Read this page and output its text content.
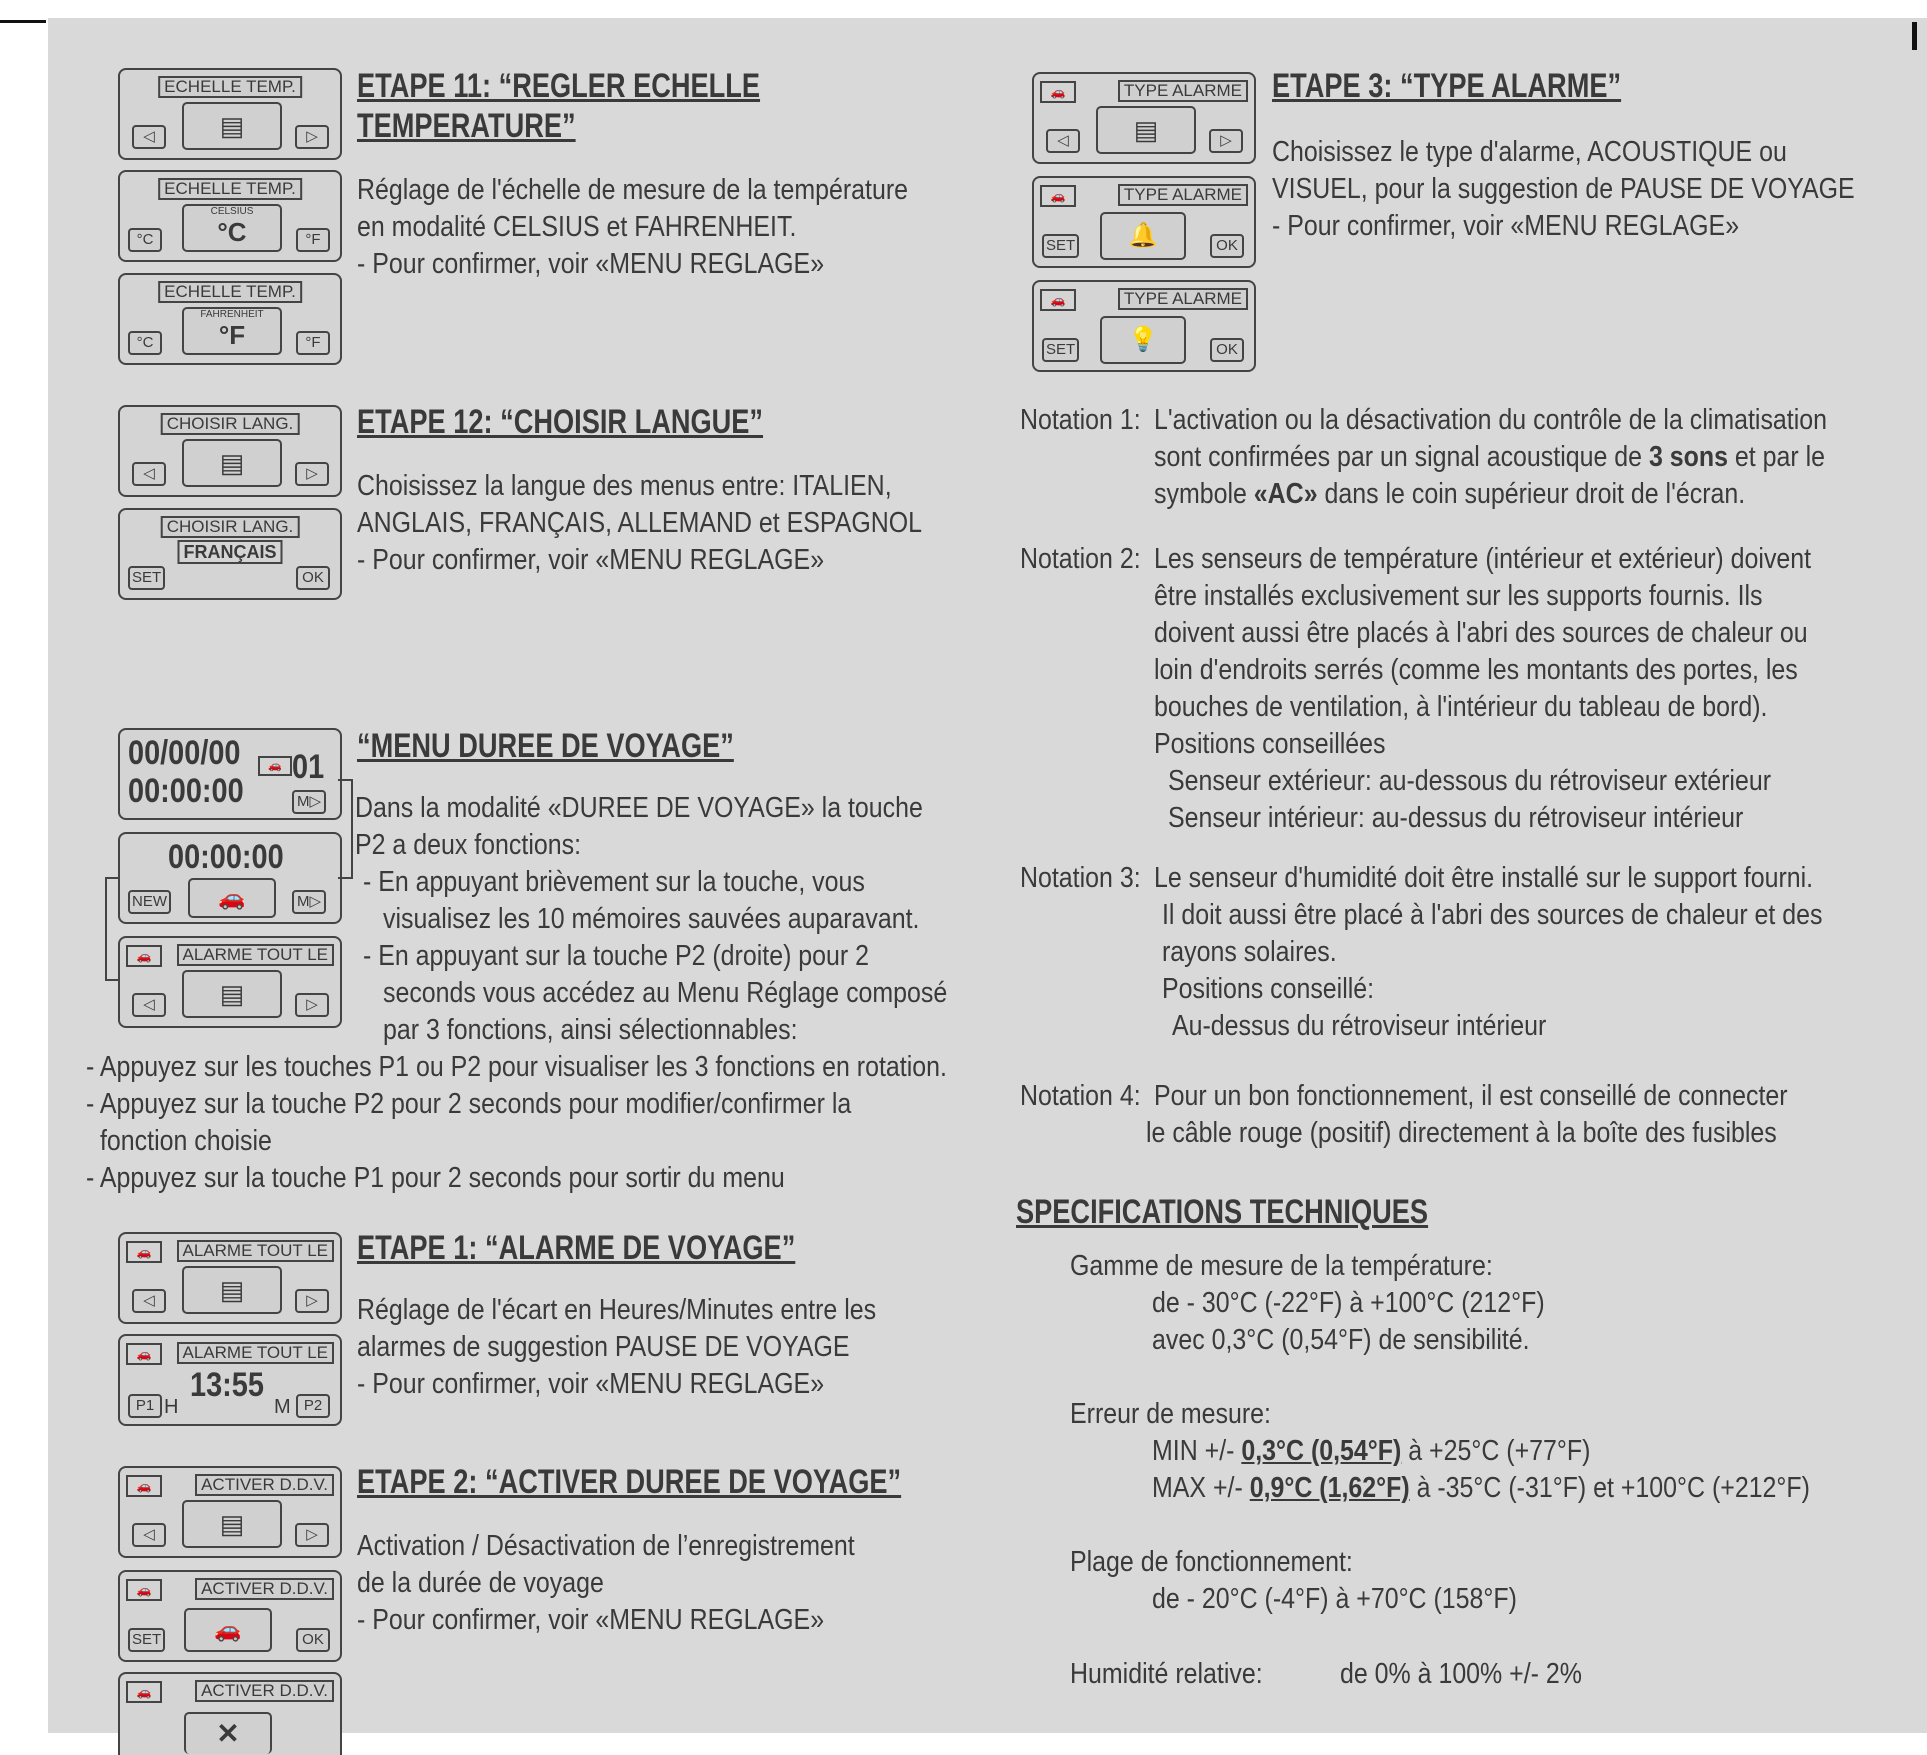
ECHELLE TEMP.
◁	▤	▷
ECHELLE TEMP.
°C
CELSIUS
°C	°F
ECHELLE TEMP.
°C
FAHRENHEIT
°F	°F
ETAPE 11: “REGLER ECHELLE
TEMPERATURE”
Réglage de l'échelle de mesure de la température
en modalité CELSIUS et FAHRENHEIT.
- Pour confirmer, voir «MENU REGLAGE»
CHOISIR LANG.
◁	▤	▷
CHOISIR LANG.
FRANÇAIS
SET	OK
ETAPE 12: “CHOISIR LANGUE”
Choisissez la langue des menus entre: ITALIEN,
ANGLAIS, FRANÇAIS, ALLEMAND et ESPAGNOL
- Pour confirmer, voir «MENU REGLAGE»
00/00/00
00:00:00
🚗 01
M▷
00:00:00
NEW	🚗	M▷
🚗	ALARME TOUT LE
◁	▤	▷
“MENU DUREE DE VOYAGE”
Dans la modalité «DUREE DE VOYAGE» la touche
P2 a deux fonctions:
- En appuyant brièvement sur la touche, vous
visualisez les 10 mémoires sauvées auparavant.
- En appuyant sur la touche P2 (droite) pour 2
seconds vous accédez au Menu Réglage composé
par 3 fonctions, ainsi sélectionnables:
- Appuyez sur les touches P1 ou P2 pour visualiser les 3 fonctions en rotation.
- Appuyez sur la touche P2 pour 2 seconds pour modifier/confirmer la
fonction choisie
- Appuyez sur la touche P1 pour 2 seconds pour sortir du menu
🚗	ALARME TOUT LE
◁	▤	▷
🚗	ALARME TOUT LE
13:55
P1 H	M P2
ETAPE 1: “ALARME DE VOYAGE”
Réglage de l'écart en Heures/Minutes entre les
alarmes de suggestion PAUSE DE VOYAGE
- Pour confirmer, voir «MENU REGLAGE»
🚗	ACTIVER D.D.V.
◁	▤	▷
🚗	ACTIVER D.D.V.
SET	🚗	OK
🚗	ACTIVER D.D.V.
✕
ETAPE 2: “ACTIVER DUREE DE VOYAGE”
Activation / Désactivation de l’enregistrement
de la durée de voyage
- Pour confirmer, voir «MENU REGLAGE»
🚗	TYPE ALARME
◁	▤	▷
🚗	TYPE ALARME
SET	🔔	OK
🚗	TYPE ALARME
SET	💡	OK
ETAPE 3: “TYPE ALARME”
Choisissez le type d'alarme, ACOUSTIQUE ou
VISUEL, pour la suggestion de PAUSE DE VOYAGE
- Pour confirmer, voir «MENU REGLAGE»
Notation 1: L'activation ou la désactivation du contrôle de la climatisation
sont confirmées par un signal acoustique de 3 sons et par le
symbole «AC» dans le coin supérieur droit de l'écran.
Notation 2: Les senseurs de température (intérieur et extérieur) doivent
être installés exclusivement sur les supports fournis. Ils
doivent aussi être placés à l'abri des sources de chaleur ou
loin d'endroits serrés (comme les montants des portes, les
bouches de ventilation, à l'intérieur du tableau de bord).
Positions conseillées
Senseur extérieur: au-dessous du rétroviseur extérieur
Senseur intérieur: au-dessus du rétroviseur intérieur
Notation 3: Le senseur d'humidité doit être installé sur le support fourni.
Il doit aussi être placé à l'abri des sources de chaleur et des
rayons solaires.
Positions conseillé:
Au-dessus du rétroviseur intérieur
Notation 4: Pour un bon fonctionnement, il est conseillé de connecter
le câble rouge (positif) directement à la boîte des fusibles
SPECIFICATIONS TECHNIQUES
Gamme de mesure de la température:
de - 30°C (-22°F) à +100°C (212°F)
avec 0,3°C (0,54°F) de sensibilité.
Erreur de mesure:
MIN +/- 0,3°C (0,54°F) à +25°C (+77°F)
MAX +/- 0,9°C (1,62°F) à -35°C (-31°F) et +100°C (+212°F)
Plage de fonctionnement:
de - 20°C (-4°F) à +70°C (158°F)
Humidité relative:	de 0% à 100% +/- 2%
